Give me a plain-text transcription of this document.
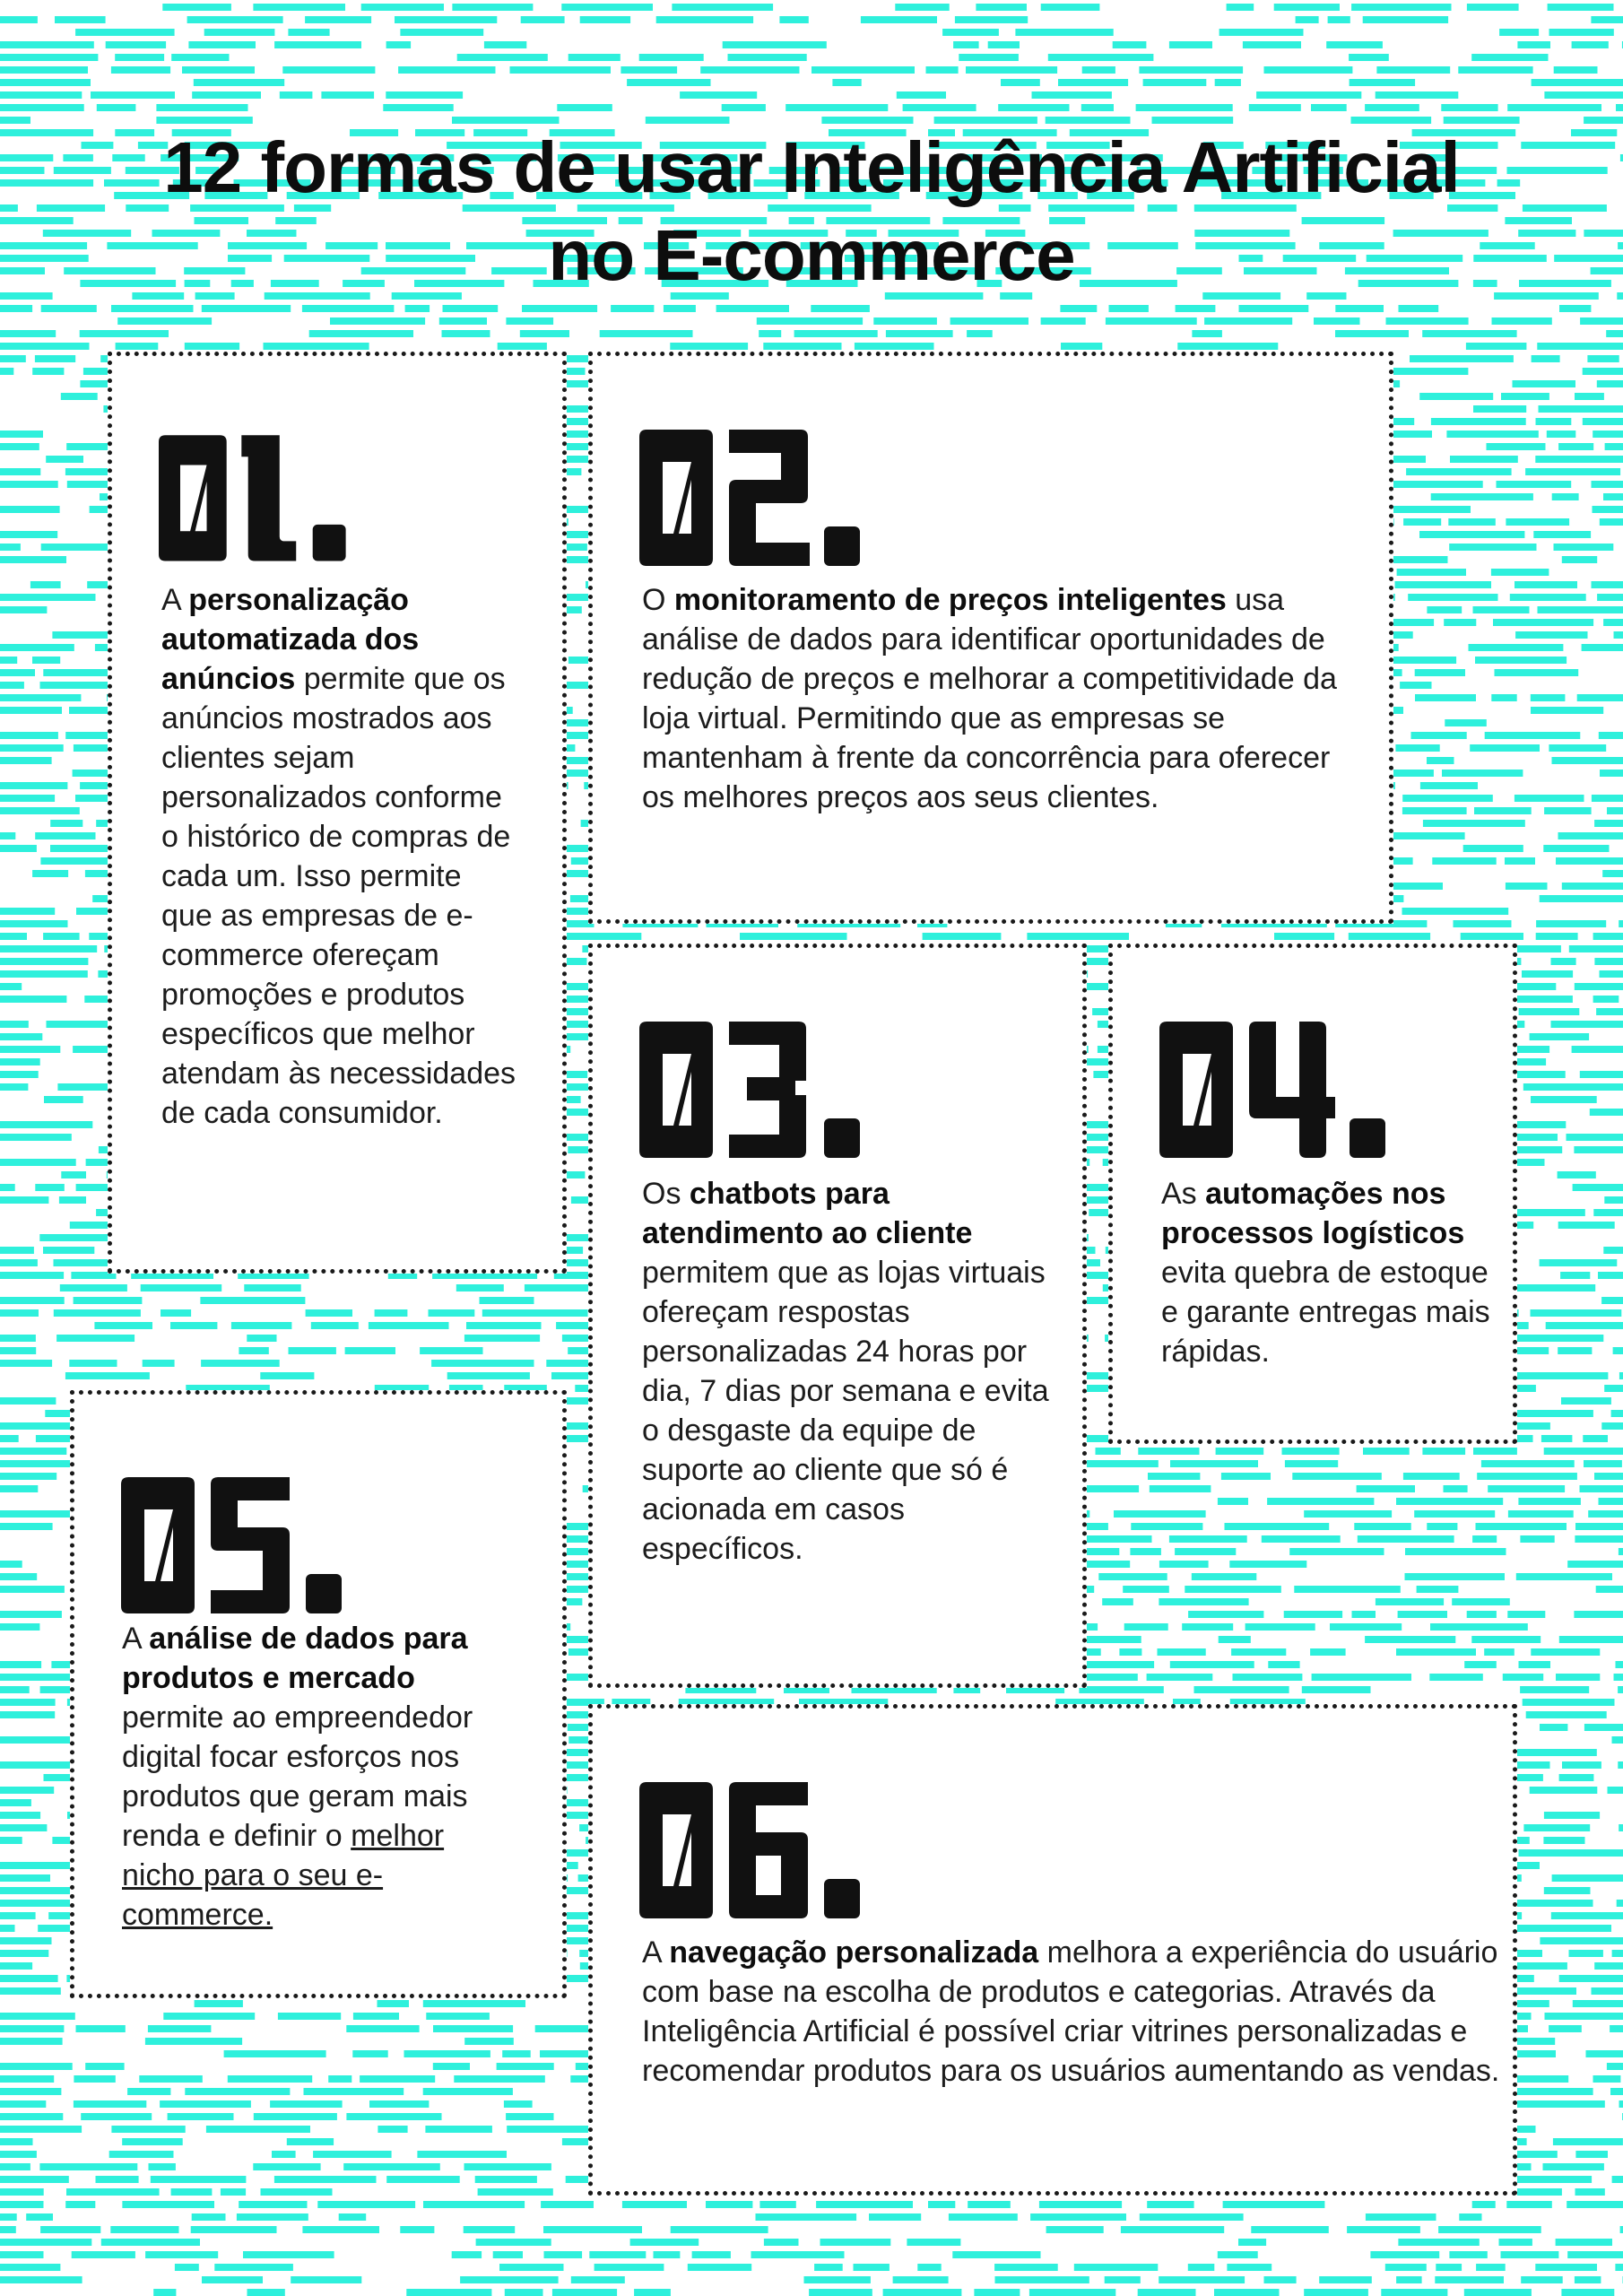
12 formas de usar Inteligência Artificial
no E-commerce

A personalização automatizada dos anúncios permite que os anúncios mostrados aos clientes sejam personalizados conforme o histórico de compras de cada um. Isso permite que as empresas de e-commerce ofereçam promoções e produtos específicos que melhor atendam às necessidades de cada consumidor.

O monitoramento de preços inteligentes usa análise de dados para identificar oportunidades de redução de preços e melhorar a competitividade da loja virtual. Permitindo que as empresas se mantenham à frente da concorrência para oferecer os melhores preços aos seus clientes.

Os chatbots para atendimento ao cliente permitem que as lojas virtuais ofereçam respostas personalizadas 24 horas por dia, 7 dias por semana e evita o desgaste da equipe de suporte ao cliente que só é acionada em casos específicos.

As automações nos processos logísticos evita quebra de estoque e garante entregas mais rápidas.

A análise de dados para produtos e mercado permite ao empreendedor digital focar esforços nos produtos que geram mais renda e definir o melhor nicho para o seu e-commerce.

A navegação personalizada melhora a experiência do usuário com base na escolha de produtos e categorias. Através da Inteligência Artificial é possível criar vitrines personalizadas e recomendar produtos para os usuários aumentando as vendas.
